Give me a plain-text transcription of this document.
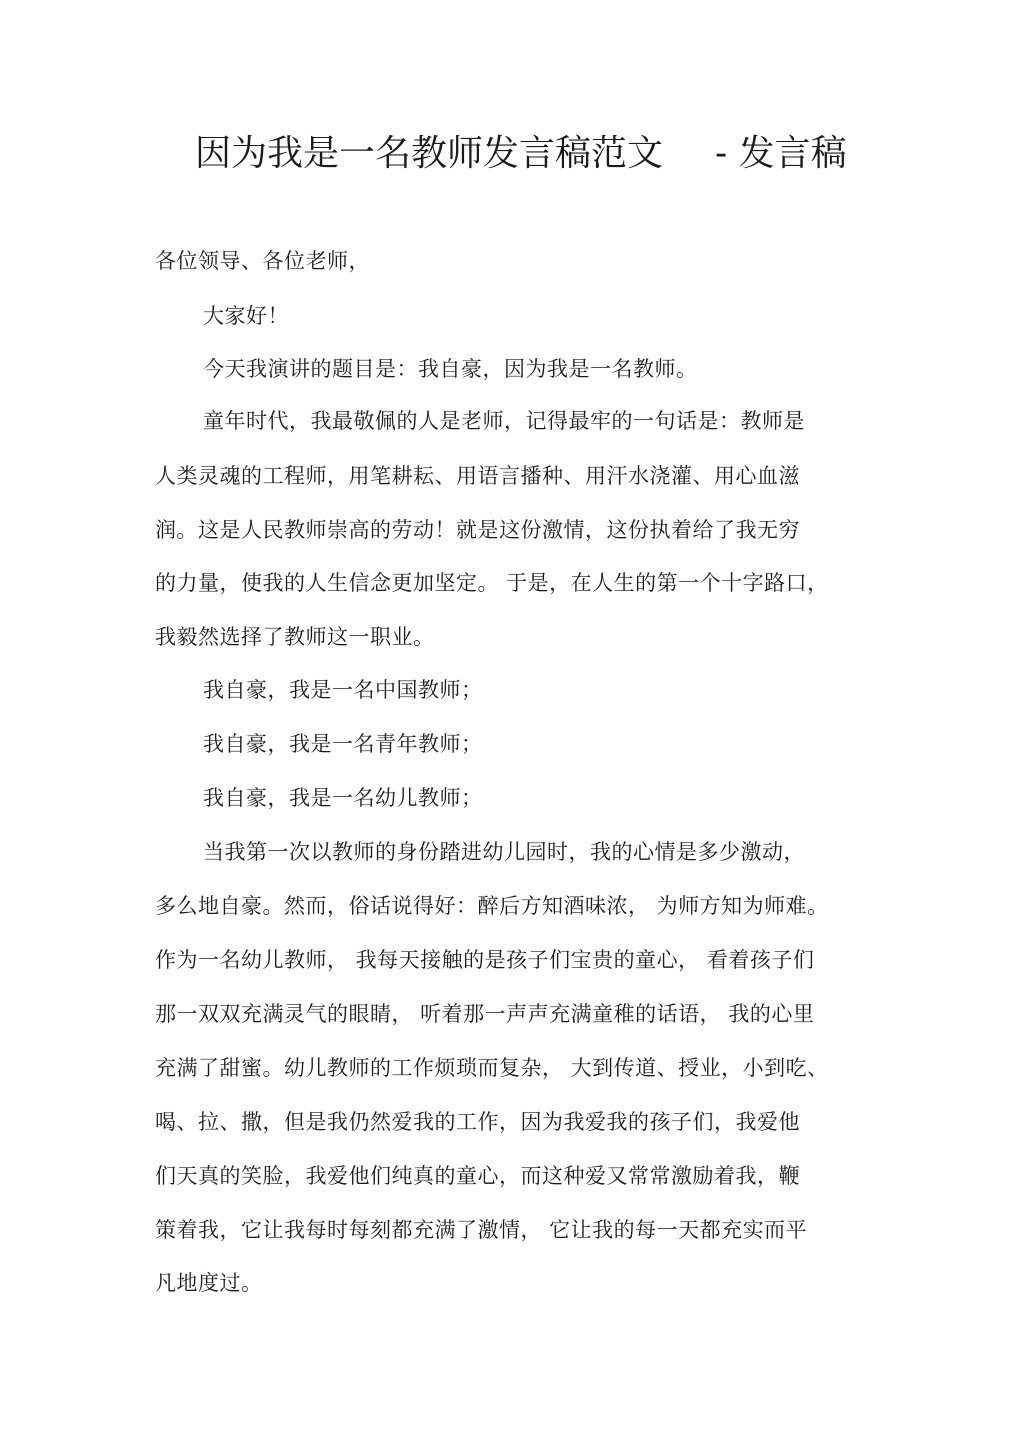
因为我是一名教师发言稿范文 - 发言稿
各位领导、各位老师，
大家好！
今天我演讲的题目是：我自豪，因为我是一名教师。
童年时代，我最敬佩的人是老师，记得最牢的一句话是：教师是
人类灵魂的工程师，用笔耕耘、用语言播种、用汗水浇灌、用心血滋
润。这是人民教师崇高的劳动！就是这份激情，这份执着给了我无穷
的力量，使我的人生信念更加坚定。 于是，在人生的第一个十字路口，
我毅然选择了教师这一职业。
我自豪，我是一名中国教师；
我自豪，我是一名青年教师；
我自豪，我是一名幼儿教师；
当我第一次以教师的身份踏进幼儿园时，我的心情是多少激动，
多么地自豪。然而，俗话说得好：醉后方知酒味浓， 为师方知为师难。
作为一名幼儿教师， 我每天接触的是孩子们宝贵的童心， 看着孩子们
那一双双充满灵气的眼睛， 听着那一声声充满童稚的话语， 我的心里
充满了甜蜜。幼儿教师的工作烦琐而复杂， 大到传道、授业，小到吃、
喝、拉、撒，但是我仍然爱我的工作，因为我爱我的孩子们，我爱他
们天真的笑脸，我爱他们纯真的童心，而这种爱又常常激励着我，鞭
策着我，它让我每时每刻都充满了激情， 它让我的每一天都充实而平
凡地度过。
